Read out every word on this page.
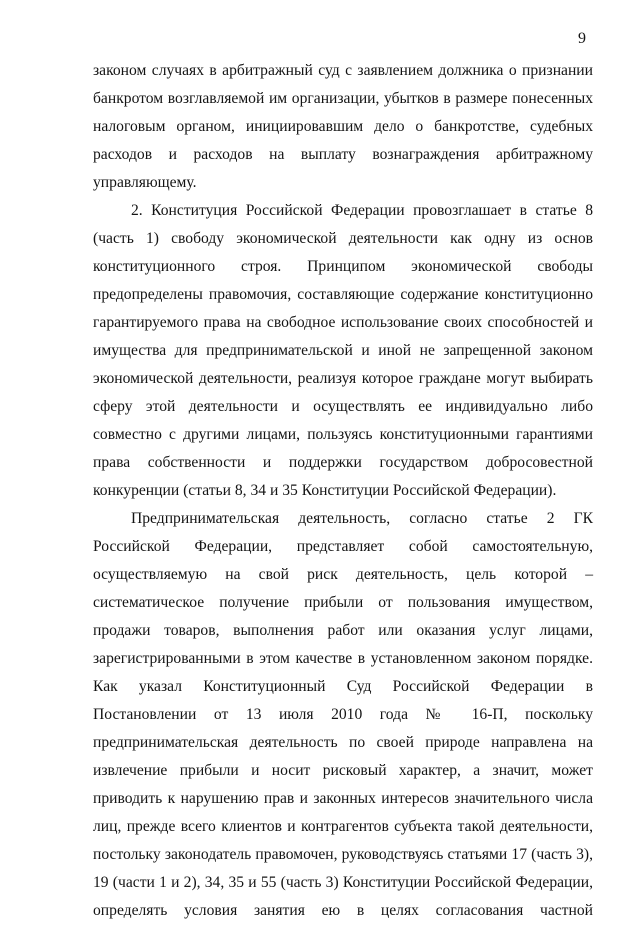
9
законом случаях в арбитражный суд с заявлением должника о признании
банкротом возглавляемой им организации, убытков в размере понесенных
налоговым органом, инициировавшим дело о банкротстве, судебных
расходов и расходов на выплату вознаграждения арбитражному
управляющему.
2. Конституция Российской Федерации провозглашает в статье 8
(часть 1) свободу экономической деятельности как одну из основ
конституционного строя. Принципом экономической свободы
предопределены правомочия, составляющие содержание конституционно
гарантируемого права на свободное использование своих способностей и
имущества для предпринимательской и иной не запрещенной законом
экономической деятельности, реализуя которое граждане могут выбирать
сферу этой деятельности и осуществлять ее индивидуально либо
совместно с другими лицами, пользуясь конституционными гарантиями
права собственности и поддержки государством добросовестной
конкуренции (статьи 8, 34 и 35 Конституции Российской Федерации).
Предпринимательская деятельность, согласно статье 2 ГК
Российской Федерации, представляет собой самостоятельную,
осуществляемую на свой риск деятельность, цель которой –
систематическое получение прибыли от пользования имуществом,
продажи товаров, выполнения работ или оказания услуг лицами,
зарегистрированными в этом качестве в установленном законом порядке.
Как указал Конституционный Суд Российской Федерации в
Постановлении от 13 июля 2010 года № 16-П, поскольку
предпринимательская деятельность по своей природе направлена на
извлечение прибыли и носит рисковый характер, а значит, может
приводить к нарушению прав и законных интересов значительного числа
лиц, прежде всего клиентов и контрагентов субъекта такой деятельности,
постольку законодатель правомочен, руководствуясь статьями 17 (часть 3),
19 (части 1 и 2), 34, 35 и 55 (часть 3) Конституции Российской Федерации,
определять условия занятия ею в целях согласования частной
